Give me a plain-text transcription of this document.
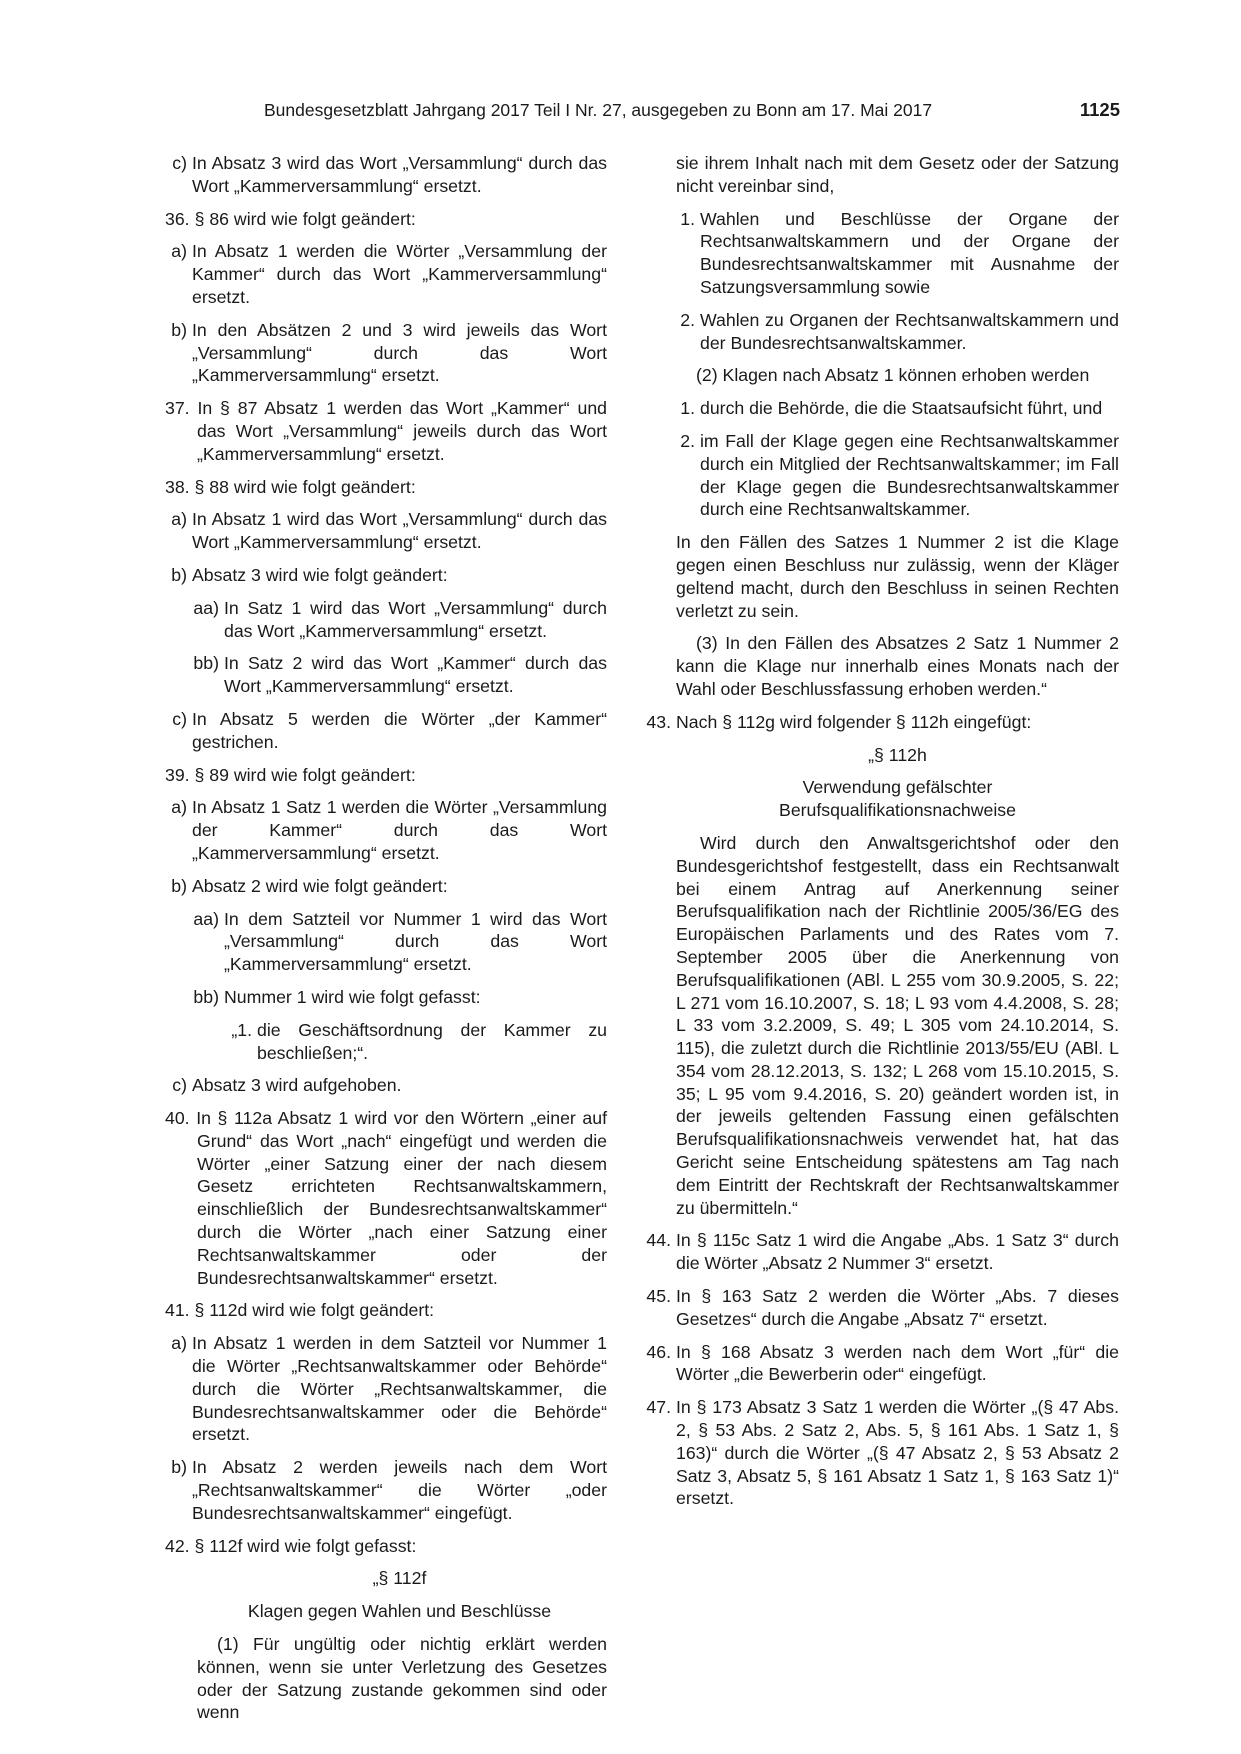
Bundesgesetzblatt Jahrgang 2017 Teil I Nr. 27, ausgegeben zu Bonn am 17. Mai 2017	1125
c) In Absatz 3 wird das Wort „Versammlung“ durch das Wort „Kammerversammlung“ ersetzt.
36. § 86 wird wie folgt geändert:
a) In Absatz 1 werden die Wörter „Versammlung der Kammer“ durch das Wort „Kammerversammlung“ ersetzt.
b) In den Absätzen 2 und 3 wird jeweils das Wort „Versammlung“ durch das Wort „Kammerversammlung“ ersetzt.
37. In § 87 Absatz 1 werden das Wort „Kammer“ und das Wort „Versammlung“ jeweils durch das Wort „Kammerversammlung“ ersetzt.
38. § 88 wird wie folgt geändert:
a) In Absatz 1 wird das Wort „Versammlung“ durch das Wort „Kammerversammlung“ ersetzt.
b) Absatz 3 wird wie folgt geändert:
aa) In Satz 1 wird das Wort „Versammlung“ durch das Wort „Kammerversammlung“ ersetzt.
bb) In Satz 2 wird das Wort „Kammer“ durch das Wort „Kammerversammlung“ ersetzt.
c) In Absatz 5 werden die Wörter „der Kammer“ gestrichen.
39. § 89 wird wie folgt geändert:
a) In Absatz 1 Satz 1 werden die Wörter „Versammlung der Kammer“ durch das Wort „Kammerversammlung“ ersetzt.
b) Absatz 2 wird wie folgt geändert:
aa) In dem Satzteil vor Nummer 1 wird das Wort „Versammlung“ durch das Wort „Kammerversammlung“ ersetzt.
bb) Nummer 1 wird wie folgt gefasst:
„1. die Geschäftsordnung der Kammer zu beschließen;“.
c) Absatz 3 wird aufgehoben.
40. In § 112a Absatz 1 wird vor den Wörtern „einer auf Grund“ das Wort „nach“ eingefügt und werden die Wörter „einer Satzung einer der nach diesem Gesetz errichteten Rechtsanwaltskammern, einschließlich der Bundesrechtsanwaltskammer“ durch die Wörter „nach einer Satzung einer Rechtsanwaltskammer oder der Bundesrechtsanwaltskammer“ ersetzt.
41. § 112d wird wie folgt geändert:
a) In Absatz 1 werden in dem Satzteil vor Nummer 1 die Wörter „Rechtsanwaltskammer oder Behörde“ durch die Wörter „Rechtsanwaltskammer, die Bundesrechtsanwaltskammer oder die Behörde“ ersetzt.
b) In Absatz 2 werden jeweils nach dem Wort „Rechtsanwaltskammer“ die Wörter „oder Bundesrechtsanwaltskammer“ eingefügt.
42. § 112f wird wie folgt gefasst:
„§ 112f
Klagen gegen Wahlen und Beschlüsse
(1) Für ungültig oder nichtig erklärt werden können, wenn sie unter Verletzung des Gesetzes oder der Satzung zustande gekommen sind oder wenn
sie ihrem Inhalt nach mit dem Gesetz oder der Satzung nicht vereinbar sind,
1. Wahlen und Beschlüsse der Organe der Rechtsanwaltskammern und der Organe der Bundesrechtsanwaltskammer mit Ausnahme der Satzungsversammlung sowie
2. Wahlen zu Organen der Rechtsanwaltskammern und der Bundesrechtsanwaltskammer.
(2) Klagen nach Absatz 1 können erhoben werden
1. durch die Behörde, die die Staatsaufsicht führt, und
2. im Fall der Klage gegen eine Rechtsanwaltskammer durch ein Mitglied der Rechtsanwaltskammer; im Fall der Klage gegen die Bundesrechtsanwaltskammer durch eine Rechtsanwaltskammer.
In den Fällen des Satzes 1 Nummer 2 ist die Klage gegen einen Beschluss nur zulässig, wenn der Kläger geltend macht, durch den Beschluss in seinen Rechten verletzt zu sein.
(3) In den Fällen des Absatzes 2 Satz 1 Nummer 2 kann die Klage nur innerhalb eines Monats nach der Wahl oder Beschlussfassung erhoben werden.“
43. Nach § 112g wird folgender § 112h eingefügt:
„§ 112h
Verwendung gefälschter Berufsqualifikationsnachweise
Wird durch den Anwaltsgerichtshof oder den Bundesgerichtshof festgestellt, dass ein Rechtsanwalt bei einem Antrag auf Anerkennung seiner Berufsqualifikation nach der Richtlinie 2005/36/EG des Europäischen Parlaments und des Rates vom 7. September 2005 über die Anerkennung von Berufsqualifikationen (ABl. L 255 vom 30.9.2005, S. 22; L 271 vom 16.10.2007, S. 18; L 93 vom 4.4.2008, S. 28; L 33 vom 3.2.2009, S. 49; L 305 vom 24.10.2014, S. 115), die zuletzt durch die Richtlinie 2013/55/EU (ABl. L 354 vom 28.12.2013, S. 132; L 268 vom 15.10.2015, S. 35; L 95 vom 9.4.2016, S. 20) geändert worden ist, in der jeweils geltenden Fassung einen gefälschten Berufsqualifikationsnachweis verwendet hat, hat das Gericht seine Entscheidung spätestens am Tag nach dem Eintritt der Rechtskraft der Rechtsanwaltskammer zu übermitteln.“
44. In § 115c Satz 1 wird die Angabe „Abs. 1 Satz 3“ durch die Wörter „Absatz 2 Nummer 3“ ersetzt.
45. In § 163 Satz 2 werden die Wörter „Abs. 7 dieses Gesetzes“ durch die Angabe „Absatz 7“ ersetzt.
46. In § 168 Absatz 3 werden nach dem Wort „für“ die Wörter „die Bewerberin oder“ eingefügt.
47. In § 173 Absatz 3 Satz 1 werden die Wörter „(§ 47 Abs. 2, § 53 Abs. 2 Satz 2, Abs. 5, § 161 Abs. 1 Satz 1, § 163)“ durch die Wörter „(§ 47 Absatz 2, § 53 Absatz 2 Satz 3, Absatz 5, § 161 Absatz 1 Satz 1, § 163 Satz 1)“ ersetzt.
